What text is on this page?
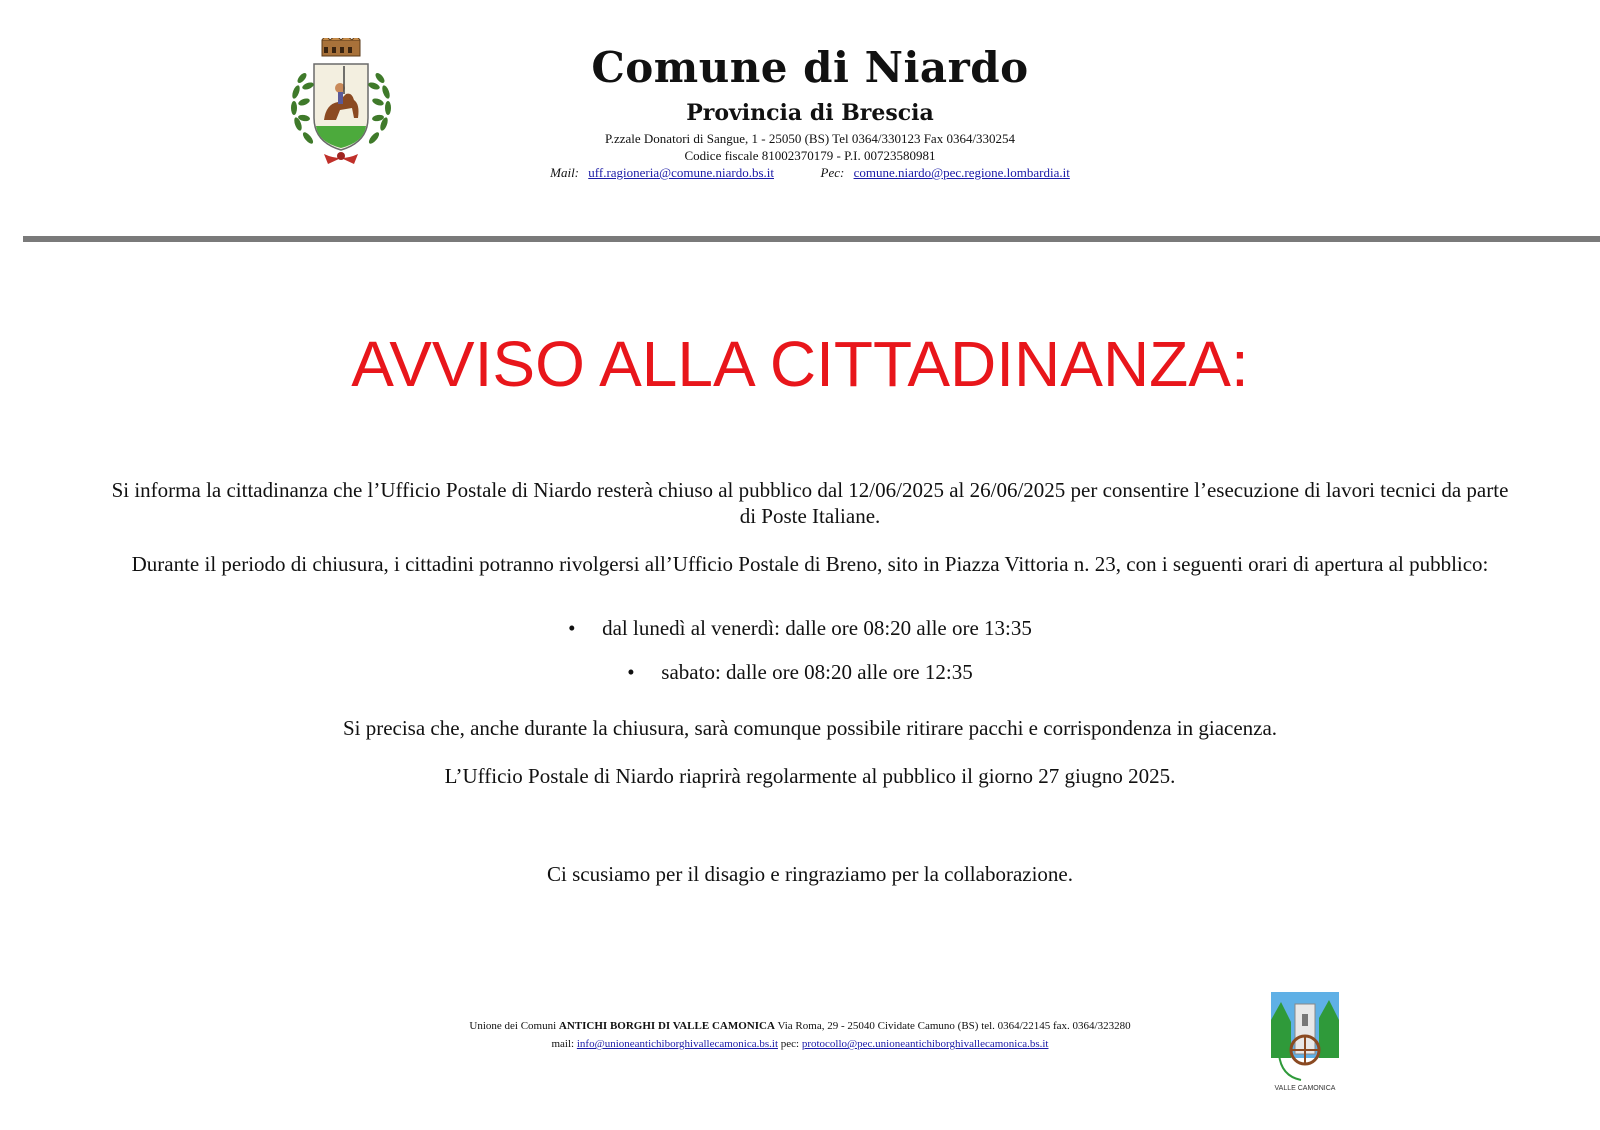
Comune di Niardo
Provincia di Brescia
P.zzale Donatori di Sangue, 1 - 25050 (BS) Tel 0364/330123 Fax 0364/330254
Codice fiscale 81002370179 - P.I. 00723580981
Mail: uff.ragioneria@comune.niardo.bs.it	Pec: comune.niardo@pec.regione.lombardia.it
AVVISO ALLA CITTADINANZA:
Si informa la cittadinanza che l’Ufficio Postale di Niardo resterà chiuso al pubblico dal 12/06/2025 al 26/06/2025 per consentire l’esecuzione di lavori tecnici da parte di Poste Italiane.
Durante il periodo di chiusura, i cittadini potranno rivolgersi all’Ufficio Postale di Breno, sito in Piazza Vittoria n. 23, con i seguenti orari di apertura al pubblico:
• dal lunedì al venerdì: dalle ore 08:20 alle ore 13:35
• sabato: dalle ore 08:20 alle ore 12:35
Si precisa che, anche durante la chiusura, sarà comunque possibile ritirare pacchi e corrispondenza in giacenza.
L’Ufficio Postale di Niardo riaprirà regolarmente al pubblico il giorno 27 giugno 2025.
Ci scusiamo per il disagio e ringraziamo per la collaborazione.
Unione dei Comuni ANTICHI BORGHI DI VALLE CAMONICA Via Roma, 29 - 25040 Cividate Camuno (BS) tel. 0364/22145 fax. 0364/323280
mail: info@unioneantichiborghivallecamonica.bs.it pec: protocollo@pec.unioneantichiborghivallecamonica.bs.it
VALLE CAMONICA
